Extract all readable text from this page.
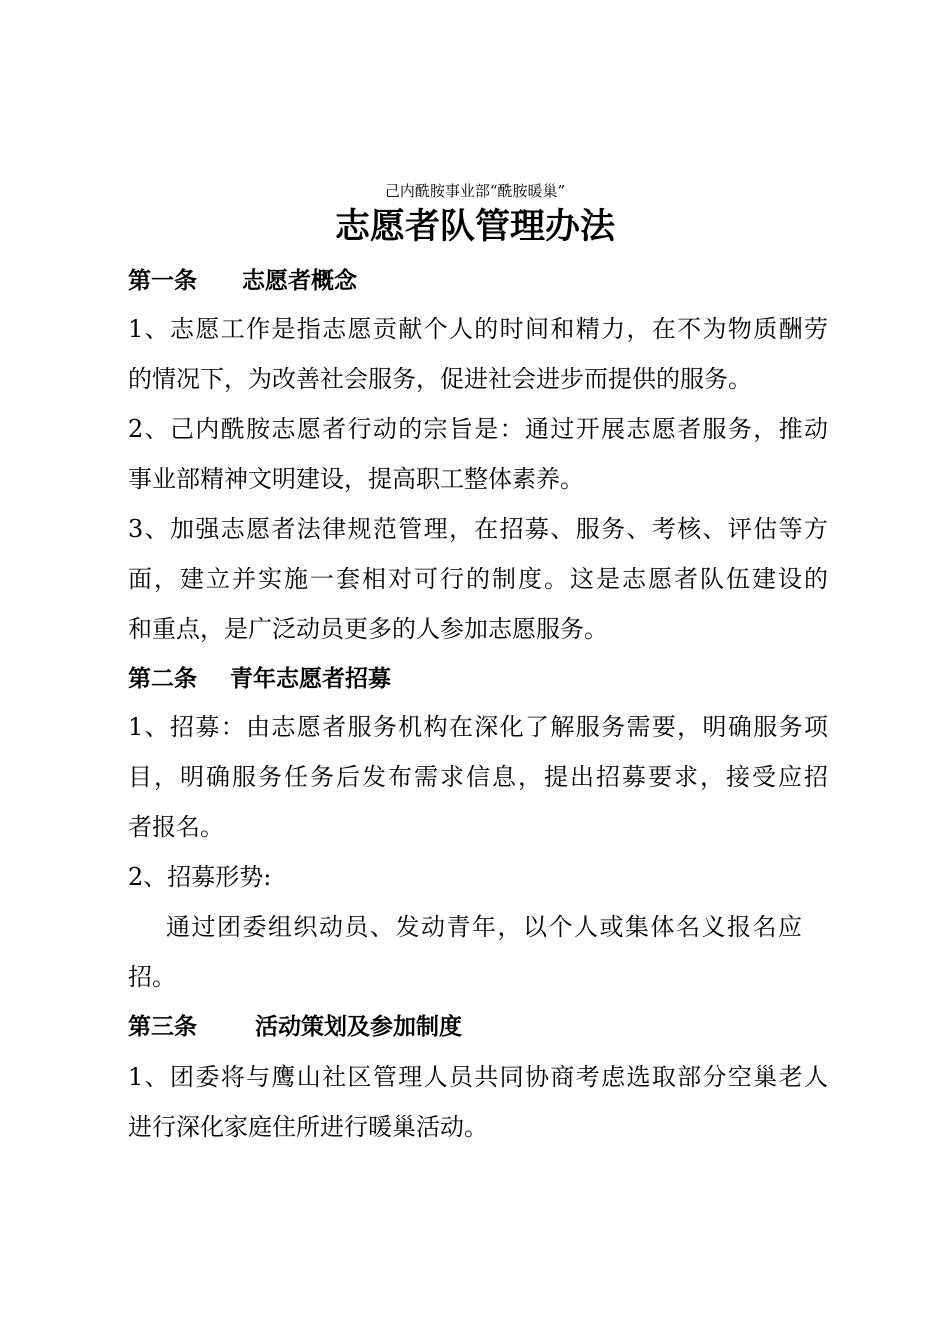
己内酰胺事业部“酰胺暖巢”
志愿者队管理办法
第一条 志愿者概念
1、志愿工作是指志愿贡献个人的时间和精力，在不为物质酬劳
的情况下，为改善社会服务，促进社会进步而提供的服务。
2、己内酰胺志愿者行动的宗旨是：通过开展志愿者服务，推动
事业部精神文明建设，提高职工整体素养。
3、加强志愿者法律规范管理，在招募、服务、考核、评估等方
面，建立并实施一套相对可行的制度。这是志愿者队伍建设的
和重点，是广泛动员更多的人参加志愿服务。
第二条 青年志愿者招募
1、招募：由志愿者服务机构在深化了解服务需要，明确服务项
目，明确服务任务后发布需求信息，提出招募要求，接受应招
者报名。
2、招募形势:
通过团委组织动员、发动青年，以个人或集体名义报名应
招。
第三条	活动策划及参加制度
1、团委将与鹰山社区管理人员共同协商考虑选取部分空巢老人
进行深化家庭住所进行暖巢活动。
